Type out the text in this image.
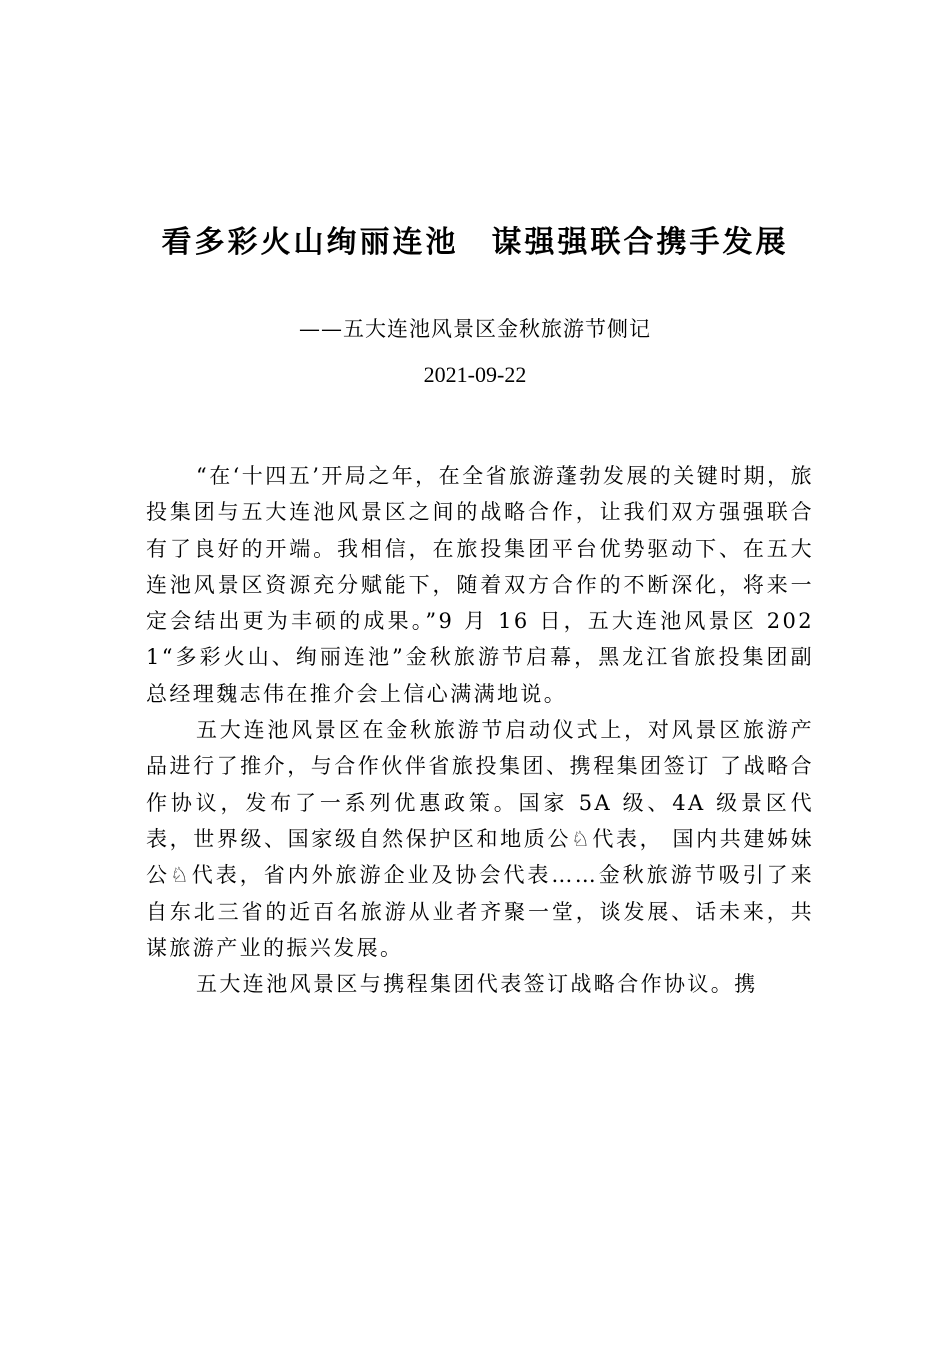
看多彩火山绚丽连池　谋强强联合携手发展

——五大连池风景区金秋旅游节侧记

2021-09-22

“在‘十四五’开局之年，在全省旅游蓬勃发展的关键时期，旅投集团与五大连池风景区之间的战略合作，让我们双方强强联合有了良好的开端。我相信，在旅投集团平台优势驱动下、在五大连池风景区资源充分赋能下，随着双方合作的不断深化，将来一定会结出更为丰硕的成果。”9 月 16 日，五大连池风景区 2021“多彩火山、绚丽连池”金秋旅游节启幕，黑龙江省旅投集团副总经理魏志伟在推介会上信心满满地说。

五大连池风景区在金秋旅游节启动仪式上，对风景区旅游产品进行了推介，与合作伙伴省旅投集团、携程集团签订 了战略合作协议，发布了一系列优惠政策。国家 5A 级、4A 级景区代表，世界级、国家级自然保护区和地质公♘代表， 国内共建姊妹公♘代表，省内外旅游企业及协会代表……金秋旅游节吸引了来自东北三省的近百名旅游从业者齐聚一堂，谈发展、话未来，共谋旅游产业的振兴发展。

五大连池风景区与携程集团代表签订战略合作协议。携
